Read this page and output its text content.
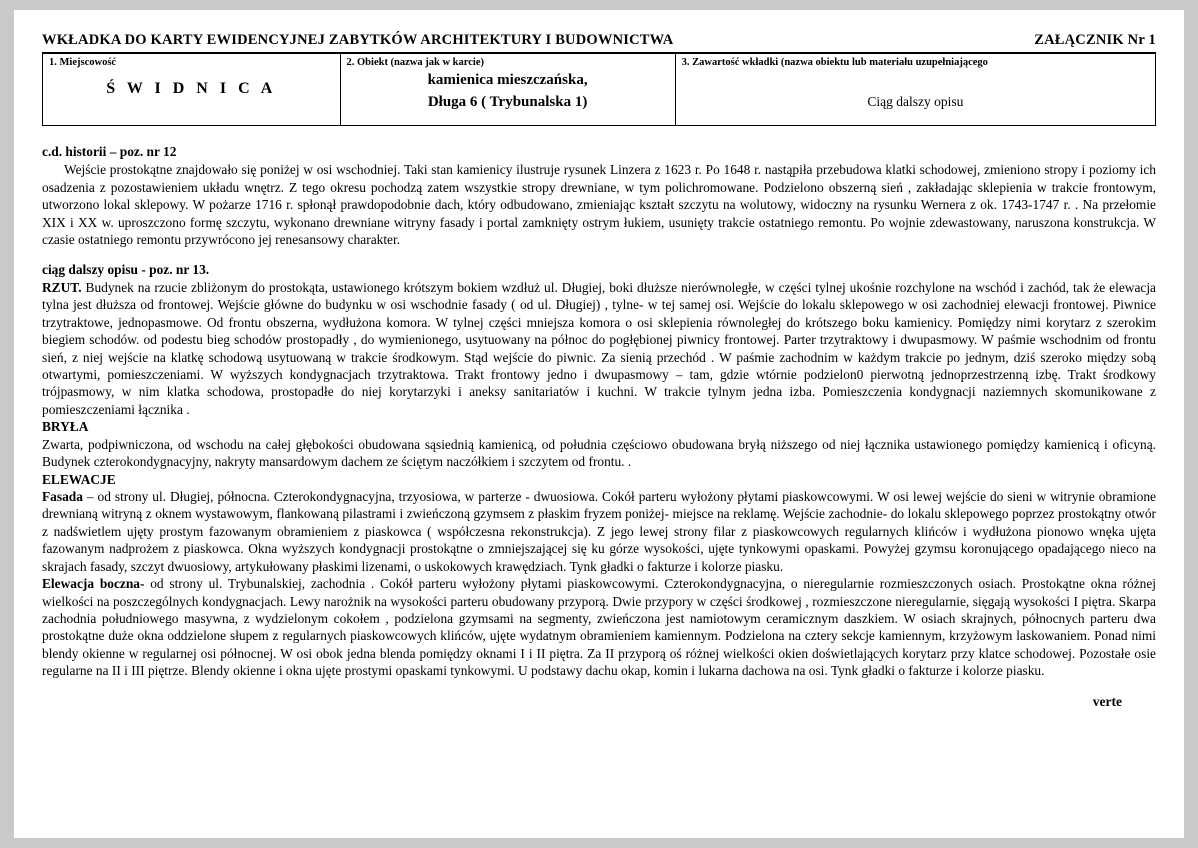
WKŁADKA DO KARTY EWIDENCYJNEJ ZABYTKÓW ARCHITEKTURY I BUDOWNICTWA	ZAŁĄCZNIK Nr 1
1. Miejscowość
Ś W I D N I C A

2. Obiekt (nazwa jak w karcie)
kamienica mieszczańska,
Długa 6 ( Trybunalska 1)

3. Zawartość wkładki (nazwa obiektu lub materiału uzupełniającego
Ciąg dalszy opisu
c.d. historii – poz. nr 12

Wejście prostokątne znajdowało się poniżej w osi wschodniej. Taki stan kamienicy ilustruje rysunek Linzera z 1623 r. Po 1648 r. nastąpiła przebudowa klatki schodowej, zmieniono stropy i poziomy ich osadzenia z pozostawieniem układu wnętrz. Z tego okresu pochodzą zatem wszystkie stropy drewniane, w tym polichromowane. Podzielono obszerną sień , zakładając sklepienia w trakcie frontowym, utworzono lokal sklepowy. W pożarze 1716 r. spłonął prawdopodobnie dach, który odbudowano, zmieniając kształt szczytu na wolutowy, widoczny na rysunku Wernera z ok. 1743-1747 r. . Na przełomie XIX i XX w. uproszczono formę szczytu, wykonano drewniane witryny fasady i portal zamknięty ostrym łukiem, usunięty trakcie ostatniego remontu. Po wojnie zdewastowany, naruszona konstrukcja. W czasie ostatniego remontu przywrócono jej renesansowy charakter.

ciąg dalszy opisu - poz. nr 13.

RZUT. Budynek na rzucie zbliżonym do prostokąta, ustawionego krótszym bokiem wzdłuż ul. Długiej, boki dłuższe nierównoległe, w części tylnej ukośnie rozchylone na wschód i zachód, tak że elewacja tylna jest dłuższa od frontowej. Wejście główne do budynku w osi wschodnie fasady ( od ul. Długiej) , tylne- w tej samej osi. Wejście do lokalu sklepowego w osi zachodniej elewacji frontowej. Piwnice trzytraktowe, jednopasmowe. Od frontu obszerna, wydłużona komora. W tylnej części mniejsza komora o osi sklepienia równoległej do krótszego boku kamienicy. Pomiędzy nimi korytarz z szerokim biegiem schodów. od podestu bieg schodów prostopadły , do wymienionego, usytuowany na północ do pogłębionej piwnicy frontowej. Parter trzytraktowy i dwupasmowy. W paśmie wschodnim od frontu sień, z niej wejście na klatkę schodową usytuowaną w trakcie środkowym. Stąd wejście do piwnic. Za sienią przechód . W paśmie zachodnim w każdym trakcie po jednym, dziś szeroko między sobą otwartymi, pomieszczeniami. W wyższych kondygnacjach trzytraktowa. Trakt frontowy jedno i dwupasmowy – tam, gdzie wtórnie podzielon0 pierwotną jednoprzestrzenną izbę. Trakt środkowy trójpasmowy, w nim klatka schodowa, prostopadłe do niej korytarzyki i aneksy sanitariatów i kuchni. W trakcie tylnym jedna izba. Pomieszczenia kondygnacji naziemnych skomunikowane z pomieszczeniami łącznika .

BRYŁA

Zwarta, podpiwniczona, od wschodu na całej głębokości obudowana sąsiednią kamienicą, od południa częściowo obudowana bryłą niższego od niej łącznika ustawionego pomiędzy kamienicą i oficyną. Budynek czterokondygnacyjny, nakryty mansardowym dachem ze ściętym naczółkiem i szczytem od frontu. .

ELEWACJE

Fasada – od strony ul. Długiej, północna. Czterokondygnacyjna, trzyosiowa, w parterze - dwuosiowa. Cokół parteru wyłożony płytami piaskowcowymi. W osi lewej wejście do sieni w witrynie obramione drewnianą witryną z oknem wystawowym, flankowaną pilastrami i zwieńczoną gzymsem z płaskim fryzem poniżej- miejsce na reklamę. Wejście zachodnie- do lokalu sklepowego poprzez prostokątny otwór z nadświetlem ujęty prostym fazowanym obramieniem z piaskowca ( współczesna rekonstrukcja). Z jego lewej strony filar z piaskowcowych regularnych klińców i wydłużona pionowo wnęka ujęta fazowanym nadprożem z piaskowca. Okna wyższych kondygnacji prostokątne o zmniejszającej się ku górze wysokości, ujęte tynkowymi opaskami. Powyżej gzymsu koronującego opadającego nieco na skrajach fasady, szczyt dwuosiowy, artykułowany płaskimi lizenami, o uskokowych krawędziach. Tynk gładki o fakturze i kolorze piasku.

Elewacja boczna- od strony ul. Trybunalskiej, zachodnia . Cokół parteru wyłożony płytami piaskowcowymi. Czterokondygnacyjna, o nieregularnie rozmieszczonych osiach. Prostokątne okna różnej wielkości na poszczególnych kondygnacjach. Lewy narożnik na wysokości parteru obudowany przyporą. Dwie przypory w części środkowej , rozmieszczone nieregularnie, sięgają wysokości I piętra. Skarpa zachodnia południowego masywna, z wydzielonym cokołem , podzielona gzymsami na segmenty, zwieńczona jest namiotowym ceramicznym daszkiem. W osiach skrajnych, północnych parteru dwa prostokątne duże okna oddzielone słupem z regularnych piaskowcowych klińców, ujęte wydatnym obramieniem kamiennym. Podzielona na cztery sekcje kamiennym, krzyżowym laskowaniem. Ponad nimi blendy okienne w regularnej osi północnej. W osi obok jedna blenda pomiędzy oknami I i II piętra. Za II przyporą oś różnej wielkości okien doświetlających korytarz przy klatce schodowej. Pozostałe osie regularne na II i III piętrze. Blendy okienne i okna ujęte prostymi opaskami tynkowymi. U podstawy dachu okap, komin i lukarna dachowa na osi. Tynk gładki o fakturze i kolorze piasku.

verte
